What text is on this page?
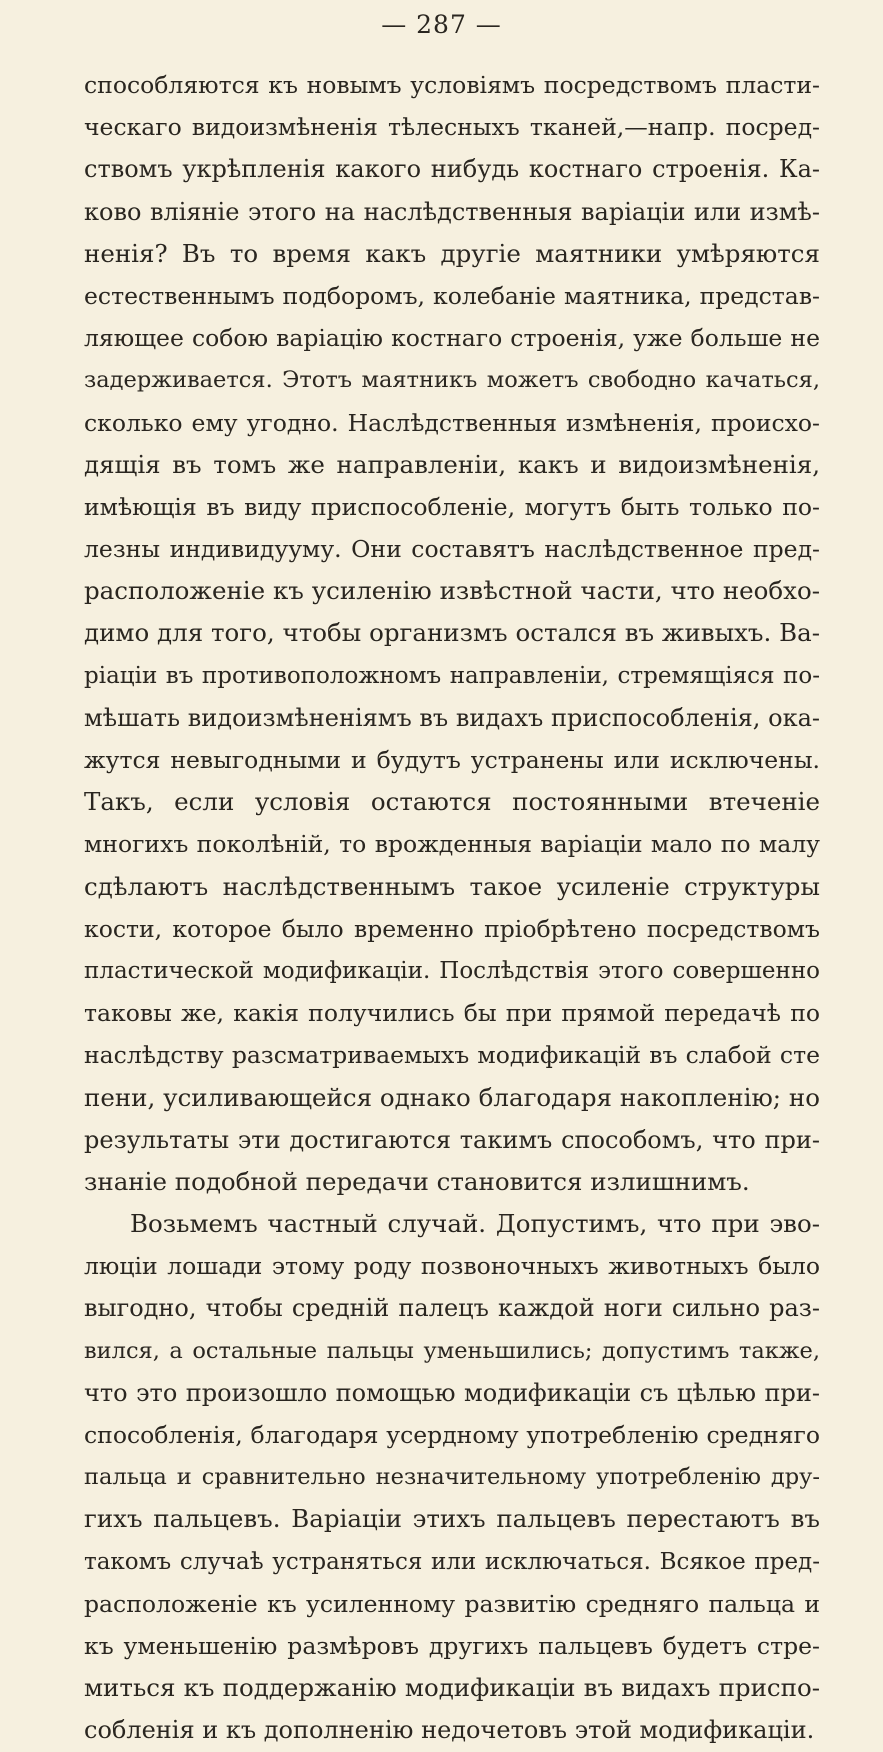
— 287 —
способляются къ новымъ условіямъ посредствомъ пласти-
ческаго видоизмѣненія тѣлесныхъ тканей,—напр. посред-
ствомъ укрѣпленія какого нибудь костнаго строенія. Ка-
ково вліяніе этого на наслѣдственныя варіаціи или измѣ-
ненія? Въ то время какъ другіе маятники умѣряются
естественнымъ подборомъ, колебаніе маятника, представ-
ляющее собою варіацію костнаго строенія, уже больше не
задерживается. Этотъ маятникъ можетъ свободно качаться,
сколько ему угодно. Наслѣдственныя измѣненія, происхо-
дящія въ томъ же направленіи, какъ и видоизмѣненія,
имѣющія въ виду приспособленіе, могутъ быть только по-
лезны индивидууму. Они составятъ наслѣдственное пред-
расположеніе къ усиленію извѣстной части, что необхо-
димо для того, чтобы организмъ остался въ живыхъ. Ва-
ріаціи въ противоположномъ направленіи, стремящіяся по-
мѣшать видоизмѣненіямъ въ видахъ приспособленія, ока-
жутся невыгодными и будутъ устранены или исключены.
Такъ, если условія остаются постоянными втеченіе
многихъ поколѣній, то врожденныя варіаціи мало по малу
сдѣлаютъ наслѣдственнымъ такое усиленіе структуры
кости, которое было временно пріобрѣтено посредствомъ
пластической модификаціи. Послѣдствія этого совершенно
таковы же, какія получились бы при прямой передачѣ по
наслѣдству разсматриваемыхъ модификацій въ слабой сте
пени, усиливающейся однако благодаря накопленію; но
результаты эти достигаются такимъ способомъ, что при-
знаніе подобной передачи становится излишнимъ.
Возьмемъ частный случай. Допустимъ, что при эво-
люціи лошади этому роду позвоночныхъ животныхъ было
выгодно, чтобы средній палецъ каждой ноги сильно раз-
вился, а остальные пальцы уменьшились; допустимъ также,
что это произошло помощью модификаціи съ цѣлью при-
способленія, благодаря усердному употребленію средняго
пальца и сравнительно незначительному употребленію дру-
гихъ пальцевъ. Варіаціи этихъ пальцевъ перестаютъ въ
такомъ случаѣ устраняться или исключаться. Всякое пред-
расположеніе къ усиленному развитію средняго пальца и
къ уменьшенію размѣровъ другихъ пальцевъ будетъ стре-
миться къ поддержанію модификаціи въ видахъ приспо-
собленія и къ дополненію недочетовъ этой модификаціи.
